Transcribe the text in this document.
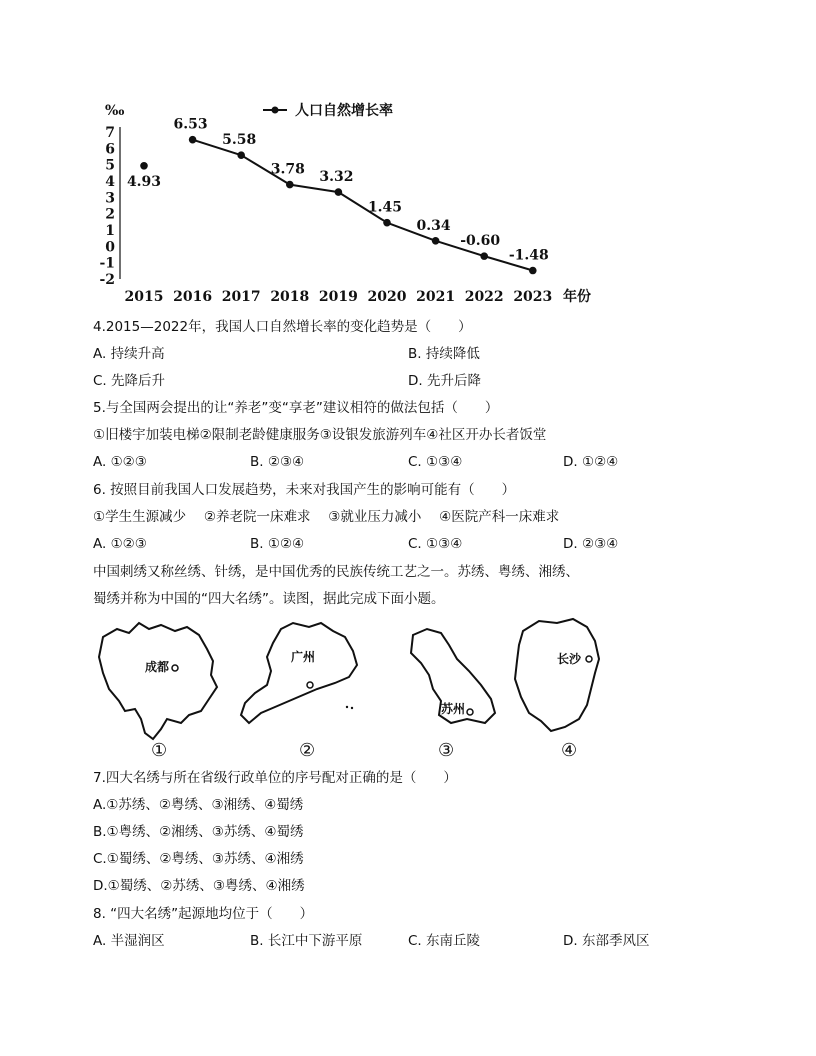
‰
7
6
5
4
3
2
1
0
-1
-2
2015 2016 2017 2018 2019 2020 2021 2022 2023 年份
人口自然增长率
4.93
6.53
5.58
3.78 3.32
1.45
0.34
-0.60
-1.48
4.2015—2022年，我国人口自然增长率的变化趋势是（　　）
A. 持续升高	B. 持续降低
C. 先降后升	D. 先升后降
5.与全国两会提出的让“养老”变“享老”建议相符的做法包括（　　）
①旧楼宇加装电梯②限制老龄健康服务③设银发旅游列车④社区开办长者饭堂
A. ①②③	B. ②③④	C. ①③④	D. ①②④
6. 按照目前我国人口发展趋势，未来对我国产生的影响可能有（　　）
①学生生源减少　 ②养老院一床难求　 ③就业压力减小　 ④医院产科一床难求
A. ①②③	B. ①②④	C. ①③④	D. ②③④
中国刺绣又称丝绣、针绣，是中国优秀的民族传统工艺之一。苏绣、粤绣、湘绣、
蜀绣并称为中国的“四大名绣”。读图，据此完成下面小题。
成都
广州
苏州
长沙
①	②	③	④
7.四大名绣与所在省级行政单位的序号配对正确的是（　　）
A.①苏绣、②粤绣、③湘绣、④蜀绣
B.①粤绣、②湘绣、③苏绣、④蜀绣
C.①蜀绣、②粤绣、③苏绣、④湘绣
D.①蜀绣、②苏绣、③粤绣、④湘绣
8. “四大名绣”起源地均位于（　　）
A. 半湿润区	B. 长江中下游平原	C. 东南丘陵	D. 东部季风区
